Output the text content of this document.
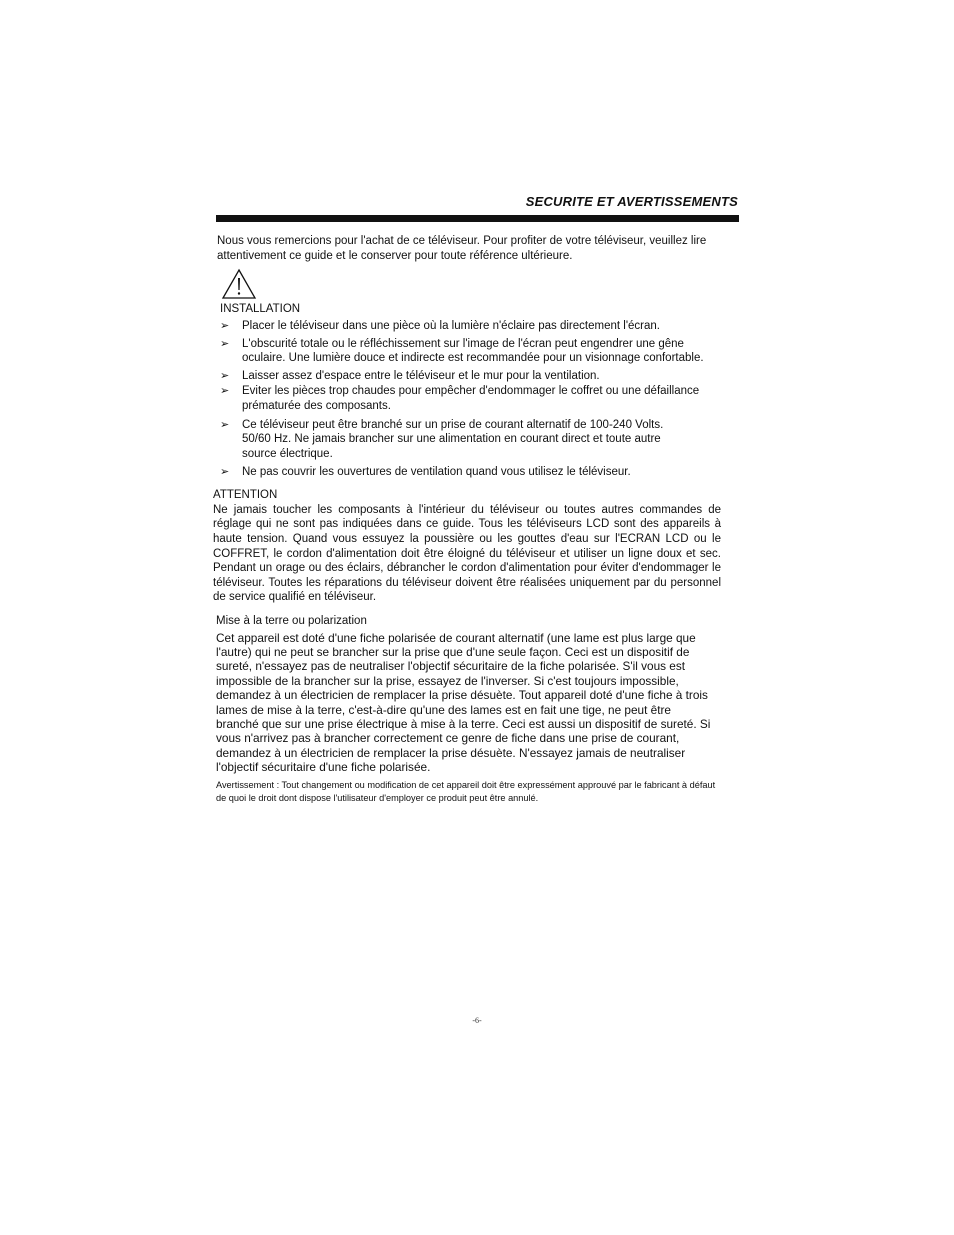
SECURITE ET AVERTISSEMENTS

Nous vous remercions pour l'achat de ce téléviseur. Pour profiter de votre téléviseur, veuillez lire attentivement ce guide et le conserver pour toute référence ultérieure.

INSTALLATION
➢ Placer le téléviseur dans une pièce où la lumière n'éclaire pas directement l'écran.
➢ L'obscurité totale ou le réfléchissement sur l'image de l'écran peut engendrer une gêne oculaire. Une lumière douce et indirecte est recommandée pour un visionnage confortable.
➢ Laisser assez d'espace entre le téléviseur et le mur pour la ventilation.
➢ Eviter les pièces trop chaudes pour empêcher d'endommager le coffret ou une défaillance prématurée des composants.
➢ Ce téléviseur peut être branché sur un prise de courant alternatif de 100-240 Volts. 50/60 Hz. Ne jamais brancher sur une alimentation en courant direct et toute autre source électrique.
➢ Ne pas couvrir les ouvertures de ventilation quand vous utilisez le téléviseur.
ATTENTION

Ne jamais toucher les composants à l'intérieur du téléviseur ou toutes autres commandes de réglage qui ne sont pas indiquées dans ce guide. Tous les téléviseurs LCD sont des appareils à haute tension. Quand vous essuyez la poussière ou les gouttes d'eau sur l'ECRAN LCD ou le COFFRET, le cordon d'alimentation doit être éloigné du téléviseur et utiliser un ligne doux et sec. Pendant un orage ou des éclairs, débrancher le cordon d'alimentation pour éviter d'endommager le téléviseur. Toutes les réparations du téléviseur doivent être réalisées uniquement par du personnel de service qualifié en téléviseur.

Mise à la terre ou polarization

Cet appareil est doté d'une fiche polarisée de courant alternatif (une lame est plus large que l'autre) qui ne peut se brancher sur la prise que d'une seule façon. Ceci est un dispositif de sureté, n'essayez pas de neutraliser l'objectif sécuritaire de la fiche polarisée. S'il vous est impossible de la brancher sur la prise, essayez de l'inverser. Si c'est toujours impossible, demandez à un électricien de remplacer la prise désuète. Tout appareil doté d'une fiche à trois lames de mise à la terre, c'est-à-dire qu'une des lames est en fait une tige, ne peut être branché que sur une prise électrique à mise à la terre. Ceci est aussi un dispositif de sureté. Si vous n'arrivez pas à brancher correctement ce genre de fiche dans une prise de courant, demandez à un électricien de remplacer la prise désuète. N'essayez jamais de neutraliser l'objectif sécuritaire d'une fiche polarisée.

Avertissement : Tout changement ou modification de cet appareil doit être expressément approuvé par le fabricant à défaut de quoi le droit dont dispose l'utilisateur d'employer ce produit peut être annulé.

-6-
